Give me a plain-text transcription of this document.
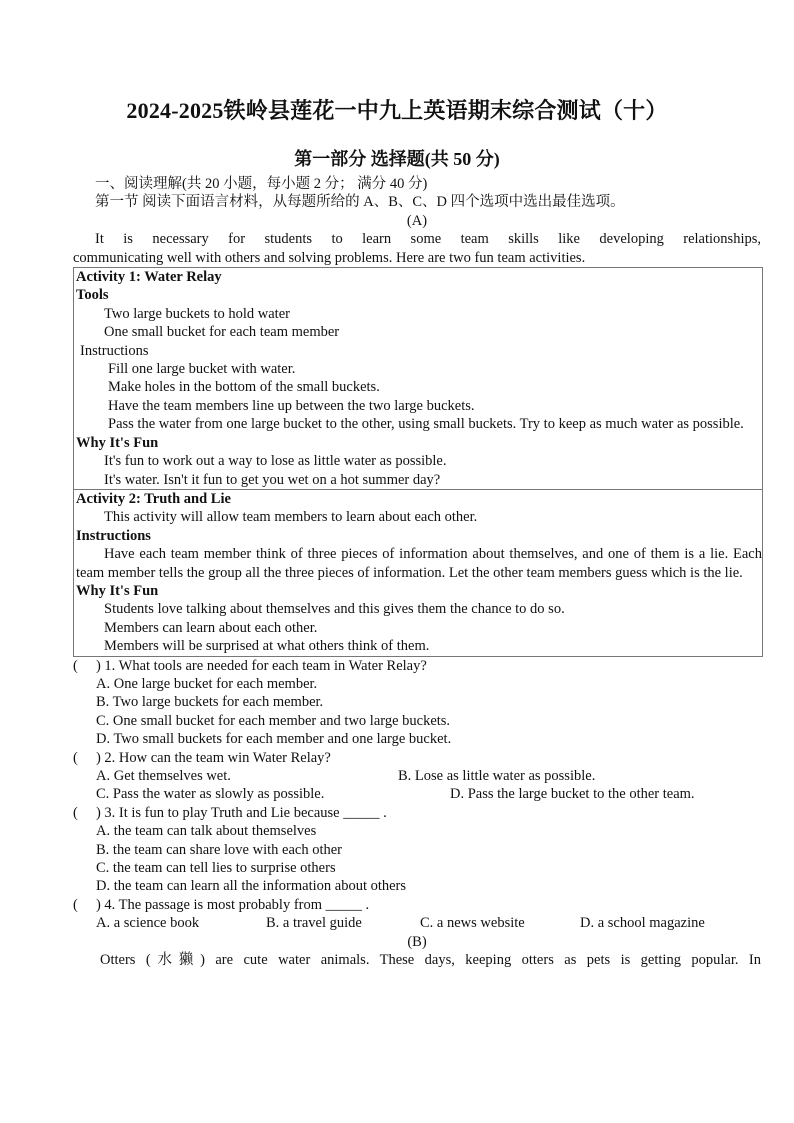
2024-2025铁岭县莲花一中九上英语期末综合测试（十）
第一部分 选择题(共 50 分)
一、阅读理解(共 20 小题，每小题 2 分； 满分 40 分)
第一节 阅读下面语言材料，从每题所给的 A、B、C、D 四个选项中选出最佳选项。
(A)
It is necessary for students to learn some team skills like developing relationships,
communicating well with others and solving problems. Here are two fun team activities.
Activity 1: Water Relay
Tools
Two large buckets to hold water
One small bucket for each team member
Instructions
Fill one large bucket with water.
Make holes in the bottom of the small buckets.
Have the team members line up between the two large buckets.
Pass the water from one large bucket to the other, using small buckets. Try to keep as much water as possible.
Why It's Fun
It's fun to work out a way to lose as little water as possible.
It's water. Isn't it fun to get you wet on a hot summer day?
Activity 2: Truth and Lie
This activity will allow team members to learn about each other.
Instructions
Have each team member think of three pieces of information about themselves, and one of them is a lie. Each team member tells the group all the three pieces of information. Let the other team members guess which is the lie.
Why It's Fun
Students love talking about themselves and this gives them the chance to do so.
Members can learn about each other.
Members will be surprised at what others think of them.
(　 ) 1. What tools are needed for each team in Water Relay?
A. One large bucket for each member.
B. Two large buckets for each member.
C. One small bucket for each member and two large buckets.
D. Two small buckets for each member and one large bucket.
(　 ) 2. How can the team win Water Relay?
A. Get themselves wet.	B. Lose as little water as possible.
C. Pass the water as slowly as possible.	D. Pass the large bucket to the other team.
(　 ) 3. It is fun to play Truth and Lie because _____ .
A. the team can talk about themselves
B. the team can share love with each other
C. the team can tell lies to surprise others
D. the team can learn all the information about others
(　 ) 4. The passage is most probably from _____ .
A. a science book	B. a travel guide	C. a news website	D. a school magazine
(B)
Otters (水獭) are cute water animals. These days, keeping otters as pets is getting popular. In
